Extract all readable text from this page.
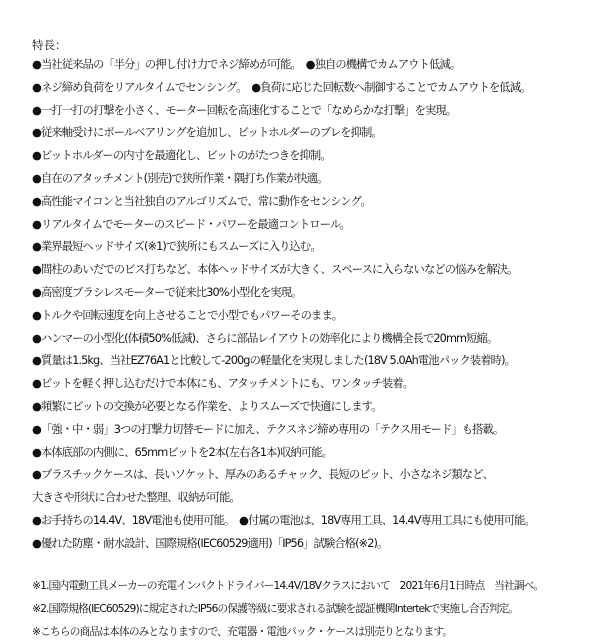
特長：

●当社従来品の「半分」の押し付け力でネジ締めが可能。　●独自の機構でカムアウト低減。
●ネジ締め負荷をリアルタイムでセンシング。　●負荷に応じた回転数へ制御することでカムアウトを低減。
●一打一打の打撃を小さく、モーター回転を高速化することで「なめらかな打撃」を実現。
●従来軸受けにボールベアリングを追加し、ビットホルダーのブレを抑制。
●ビットホルダーの内寸を最適化し、ビットのがたつきを抑制。
●自在のアタッチメント(別売)で狭所作業・隅打ち作業が快適。
●高性能マイコンと当社独自のアルゴリズムで、常に動作をセンシング。
●リアルタイムでモーターのスピード・パワーを最適コントロール。
●業界最短ヘッドサイズ(※1)で狭所にもスムーズに入り込む。
●間柱のあいだでのビス打ちなど、本体ヘッドサイズが大きく、スペースに入らないなどの悩みを解決。
●高密度ブラシレスモーターで従来比30%小型化を実現。
●トルクや回転速度を向上させることで小型でもパワーそのまま。
●ハンマーの小型化(体積50%低減)、さらに部品レイアウトの効率化により機構全長で20mm短縮。
●質量は1.5kg、当社EZ76A1と比較して-200gの軽量化を実現しました(18V 5.0Ah電池パック装着時)。
●ビットを軽く押し込むだけで本体にも、アタッチメントにも、ワンタッチ装着。
●頻繁にビットの交換が必要となる作業を、よりスムーズで快適にします。
●「強・中・弱」3つの打撃力切替モードに加え、テクスネジ締め専用の「テクス用モード」も搭載。
●本体底部の内側に、65mmビットを2本(左右各1本)収納可能。
●プラスチックケースは、長いソケット、厚みのあるチャック、長短のビット、小さなネジ類など、
大きさや形状に合わせた整理、収納が可能。
●お手持ちの14.4V、18V電池も使用可能。　●付属の電池は、18V専用工具、14.4V専用工具にも使用可能。
●優れた防塵・耐水設計、国際規格(IEC60529適用)「IP56」試験合格(※2)。
※1.国内電動工具メーカーの充電インパクトドライバー14.4V/18Vクラスにおいて　2021年6月1日時点　当社調べ。
※2.国際規格(IEC60529)に規定されたIP56の保護等級に要求される試験を認証機関Intertekで実施し合否判定。
※こちらの商品は本体のみとなりますので、充電器・電池パック・ケースは別売りとなります。
